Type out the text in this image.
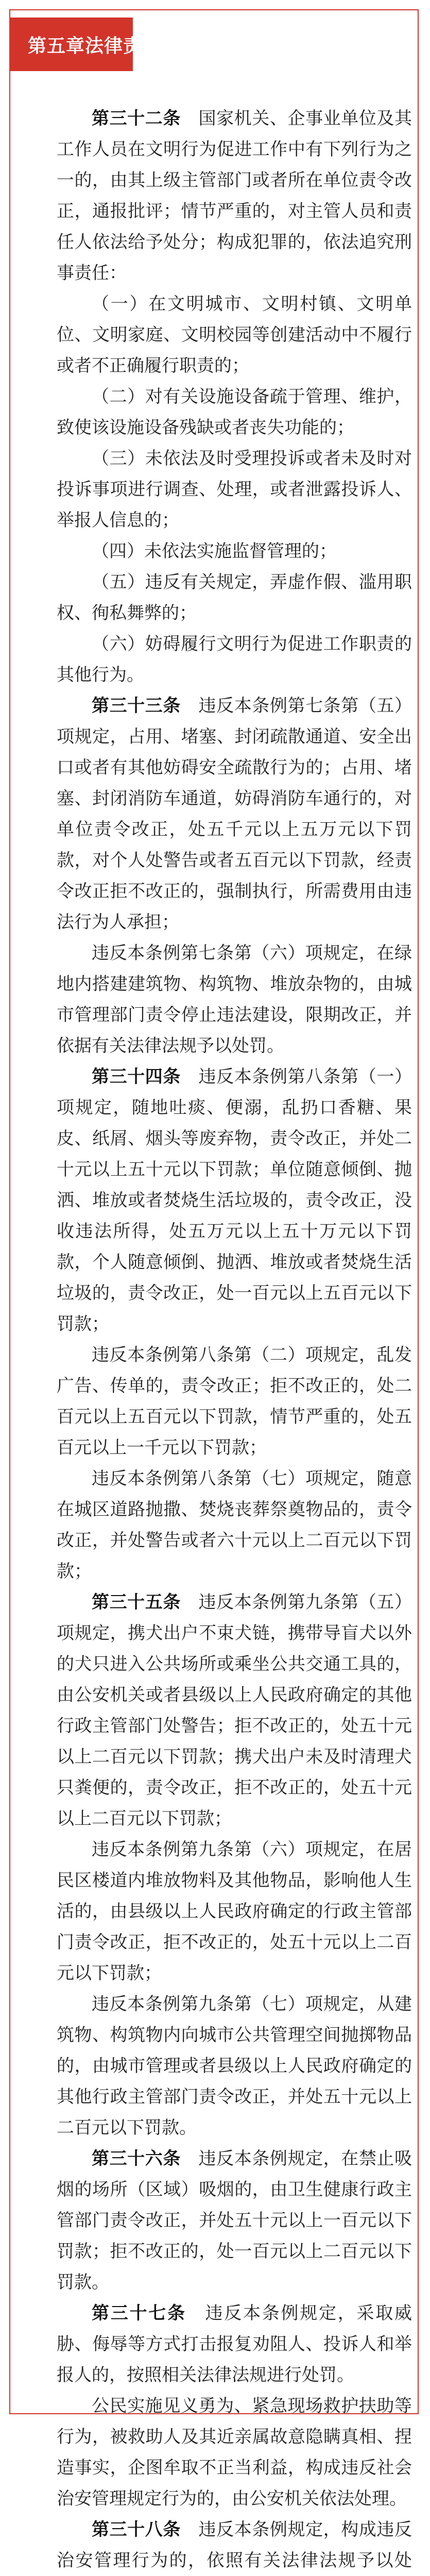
第五章 法律责任

第三十二条　 国家机关、企事业单位及其工作人员在文明行为促进工作中有下列行为之一的，由其上级主管部门或者所在单位责令改正，通报批评；情节严重的，对主管人员和责任人依法给予处分；构成犯罪的，依法追究刑事责任：

（一）在文明城市、文明村镇、文明单位、文明家庭、文明校园等创建活动中不履行或者不正确履行职责的；

（二）对有关设施设备疏于管理、维护，致使该设施设备残缺或者丧失功能的；

（三）未依法及时受理投诉或者未及时对投诉事项进行调查、处理，或者泄露投诉人、举报人信息的；

（四）未依法实施监督管理的；

（五）违反有关规定，弄虚作假、滥用职权、徇私舞弊的；

（六）妨碍履行文明行为促进工作职责的其他行为。

第三十三条　 违反本条例第七条第（五）项规定，占用、堵塞、封闭疏散通道、安全出口或者有其他妨碍安全疏散行为的；占用、堵塞、封闭消防车通道，妨碍消防车通行的，对单位责令改正，处五千元以上五万元以下罚款，对个人处警告或者五百元以下罚款，经责令改正拒不改正的，强制执行，所需费用由违法行为人承担；

违反本条例第七条第（六）项规定，在绿地内搭建建筑物、构筑物、堆放杂物的，由城市管理部门责令停止违法建设，限期改正，并依据有关法律法规予以处罚。

第三十四条　 违反本条例第八条第（一）项规定，随地吐痰、便溺，乱扔口香糖、果皮、纸屑、烟头等废弃物，责令改正，并处二十元以上五十元以下罚款；单位随意倾倒、抛洒、堆放或者焚烧生活垃圾的，责令改正，没收违法所得，处五万元以上五十万元以下罚款，个人随意倾倒、抛洒、堆放或者焚烧生活垃圾的，责令改正，处一百元以上五百元以下罚款；

违反本条例第八条第（二）项规定，乱发广告、传单的，责令改正；拒不改正的，处二百元以上五百元以下罚款，情节严重的，处五百元以上一千元以下罚款；

违反本条例第八条第（七）项规定，随意在城区道路抛撒、焚烧丧葬祭奠物品的，责令改正，并处警告或者六十元以上二百元以下罚款；

第三十五条　 违反本条例第九条第（五）项规定，携犬出户不束犬链，携带导盲犬以外的犬只进入公共场所或乘坐公共交通工具的，由公安机关或者县级以上人民政府确定的其他行政主管部门处警告；拒不改正的，处五十元以上二百元以下罚款；携犬出户未及时清理犬只粪便的，责令改正，拒不改正的，处五十元以上二百元以下罚款；

违反本条例第九条第（六）项规定，在居民区楼道内堆放物料及其他物品，影响他人生活的，由县级以上人民政府确定的行政主管部门责令改正，拒不改正的，处五十元以上二百元以下罚款；

违反本条例第九条第（七）项规定，从建筑物、构筑物内向城市公共管理空间抛掷物品的，由城市管理或者县级以上人民政府确定的其他行政主管部门责令改正，并处五十元以上二百元以下罚款。

第三十六条　 违反本条例规定，在禁止吸烟的场所（区域）吸烟的，由卫生健康行政主管部门责令改正，并处五十元以上一百元以下罚款；拒不改正的，处一百元以上二百元以下罚款。

第三十七条　 违反本条例规定，采取威胁、侮辱等方式打击报复劝阻人、投诉人和举报人的，按照相关法律法规进行处罚。

公民实施见义勇为、紧急现场救护扶助等行为，被救助人及其近亲属故意隐瞒真相、捏造事实，企图牟取不正当利益，构成违反社会治安管理规定行为的，由公安机关依法处理。

第三十八条　 违反本条例规定，构成违反治安管理行为的，依照有关法律法规予以处
